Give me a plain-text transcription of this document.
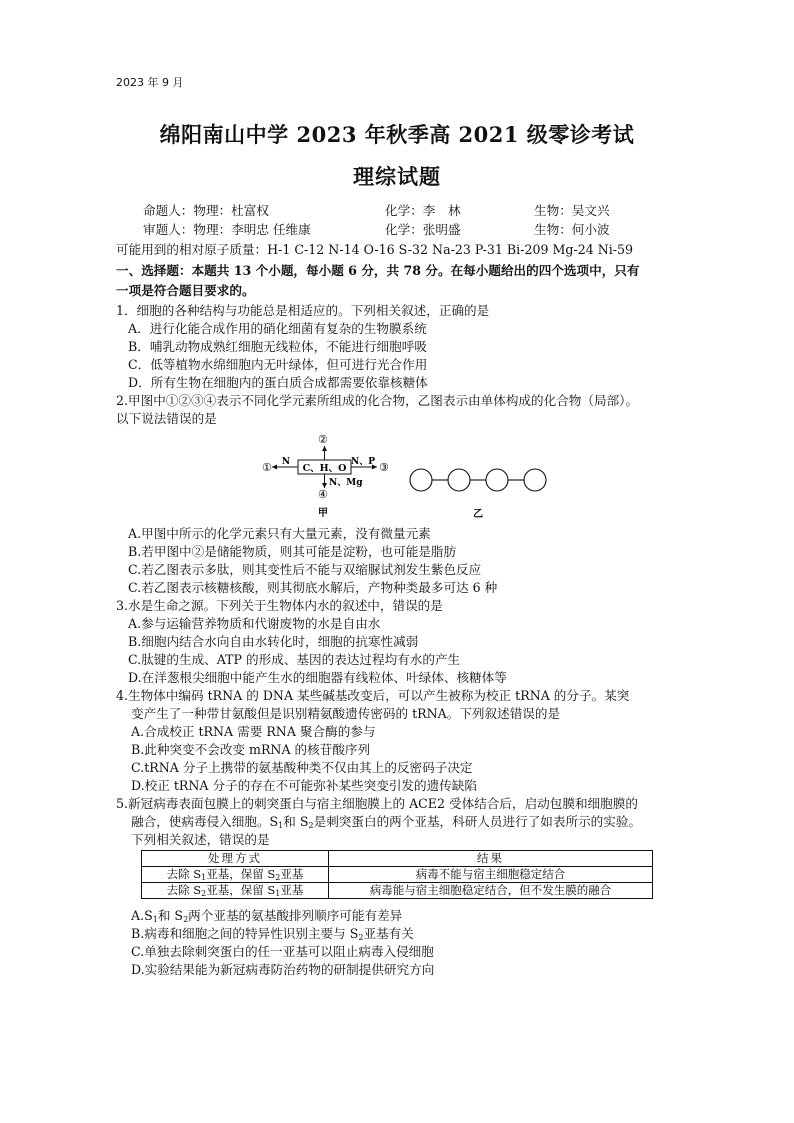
2023 年 9 月
绵阳南山中学 2023 年秋季高 2021 级零诊考试
理综试题
命题人：物理：杜富权	化学：李　林	生物：吴文兴
审题人：物理：李明忠 任维康	化学：张明盛	生物：何小波
可能用到的相对原子质量：H-1 C-12 N-14 O-16 S-32 Na-23 P-31 Bi-209 Mg-24 Ni-59
一、选择题：本题共 13 个小题，每小题 6 分，共 78 分。在每小题给出的四个选项中，只有
一项是符合题目要求的。
1．细胞的各种结构与功能总是相适应的。下列相关叙述，正确的是
A．进行化能合成作用的硝化细菌有复杂的生物膜系统
B．哺乳动物成熟红细胞无线粒体，不能进行细胞呼吸
C．低等植物水绵细胞内无叶绿体，但可进行光合作用
D．所有生物在细胞内的蛋白质合成都需要依靠核糖体
2.甲图中①②③④表示不同化学元素所组成的化合物，乙图表示由单体构成的化合物（局部）。
以下说法错误的是
C、H、O
N
①	N、P ③
②
N、Mg
④
甲	乙
A.甲图中所示的化学元素只有大量元素，没有微量元素
B.若甲图中②是储能物质，则其可能是淀粉，也可能是脂肪
C.若乙图表示多肽，则其变性后不能与双缩脲试剂发生紫色反应
C.若乙图表示核糖核酸，则其彻底水解后，产物种类最多可达 6 种
3.水是生命之源。下列关于生物体内水的叙述中，错误的是
A.参与运输营养物质和代谢废物的水是自由水
B.细胞内结合水向自由水转化时，细胞的抗寒性减弱
C.肽键的生成、ATP 的形成、基因的表达过程均有水的产生
D.在洋葱根尖细胞中能产生水的细胞器有线粒体、叶绿体、核糖体等
4.生物体中编码 tRNA 的 DNA 某些碱基改变后，可以产生被称为校正 tRNA 的分子。某突
变产生了一种带甘氨酸但是识别精氨酸遗传密码的 tRNA。下列叙述错误的是
A.合成校正 tRNA 需要 RNA 聚合酶的参与
B.此种突变不会改变 mRNA 的核苷酸序列
C.tRNA 分子上携带的氨基酸种类不仅由其上的反密码子决定
D.校正 tRNA 分子的存在不可能弥补某些突变引发的遗传缺陷
5.新冠病毒表面包膜上的刺突蛋白与宿主细胞膜上的 ACE2 受体结合后，启动包膜和细胞膜的
融合，使病毒侵入细胞。$S_1$和 $S_2$是刺突蛋白的两个亚基，科研人员进行了如表所示的实验。
下列相关叙述，错误的是
处理方式	结果
去除 $S_1$亚基，保留 $S_2$亚基	病毒不能与宿主细胞稳定结合
去除 $S_2$亚基，保留 $S_1$亚基	病毒能与宿主细胞稳定结合，但不发生膜的融合
$A.S_1$和 $S_2$两个亚基的氨基酸排列顺序可能有差异
B.病毒和细胞之间的特异性识别主要与 $S_2$亚基有关
C.单独去除刺突蛋白的任一亚基可以阻止病毒入侵细胞
D.实验结果能为新冠病毒防治药物的研制提供研究方向
